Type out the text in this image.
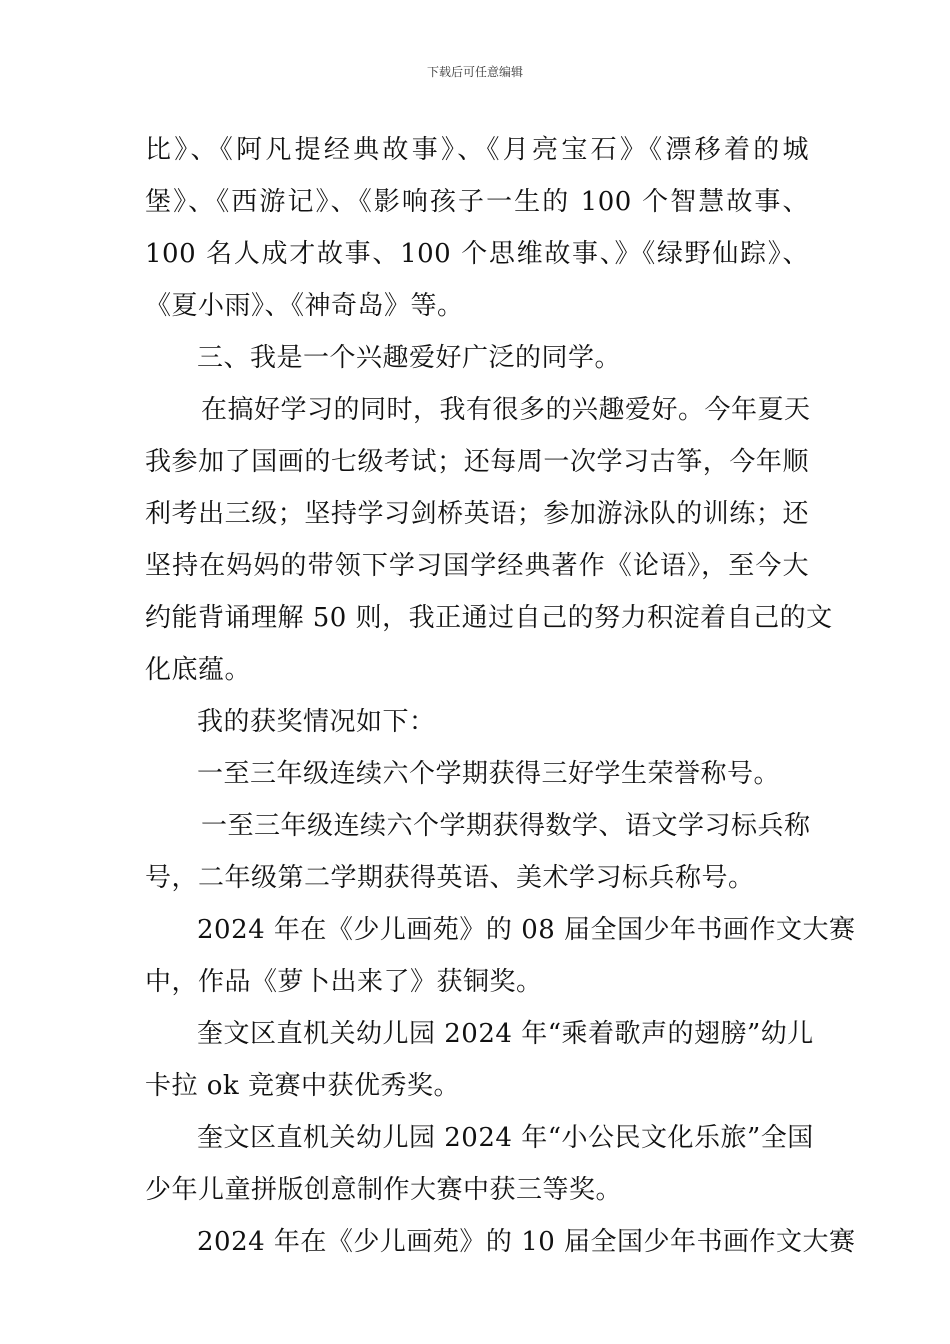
下载后可任意编辑
比》、《阿凡提经典故事》、《月亮宝石》《漂移着的城
堡》、《西游记》、《影响孩子一生的 100 个智慧故事、
100 名人成才故事、100 个思维故事、》《绿野仙踪》、
《夏小雨》、《神奇岛》等。
三、我是一个兴趣爱好广泛的同学。
在搞好学习的同时，我有很多的兴趣爱好。今年夏天
我参加了国画的七级考试；还每周一次学习古筝，今年顺
利考出三级；坚持学习剑桥英语；参加游泳队的训练；还
坚持在妈妈的带领下学习国学经典著作《论语》，至今大
约能背诵理解 50 则，我正通过自己的努力积淀着自己的文
化底蕴。
我的获奖情况如下：
一至三年级连续六个学期获得三好学生荣誉称号。
一至三年级连续六个学期获得数学、语文学习标兵称
号，二年级第二学期获得英语、美术学习标兵称号。
2024 年在《少儿画苑》的 08 届全国少年书画作文大赛
中，作品《萝卜出来了》获铜奖。
奎文区直机关幼儿园 2024 年“乘着歌声的翅膀”幼儿
卡拉 ok 竞赛中获优秀奖。
奎文区直机关幼儿园 2024 年“小公民文化乐旅”全国
少年儿童拼版创意制作大赛中获三等奖。
2024 年在《少儿画苑》的 10 届全国少年书画作文大赛
